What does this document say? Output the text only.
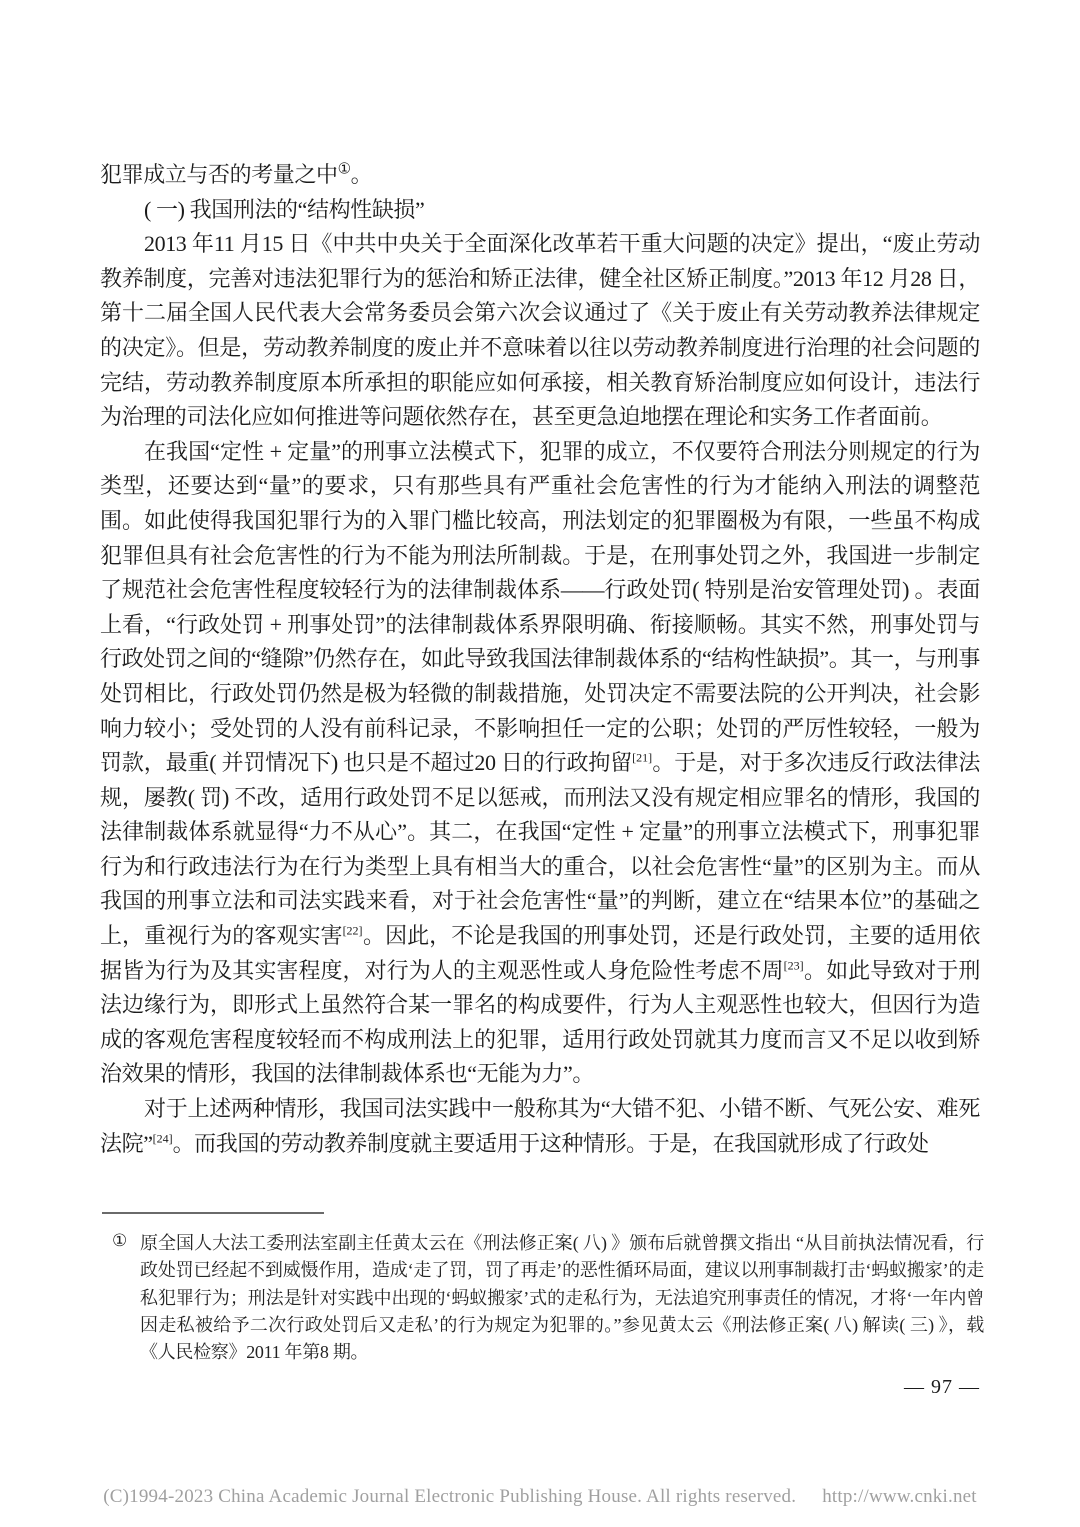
犯罪成立与否的考量之中①。

( 一) 我国刑法的“结构性缺损”

2013 年11 月15 日《中共中央关于全面深化改革若干重大问题的决定》提出，“废止劳动教养制度，完善对违法犯罪行为的惩治和矫正法律，健全社区矫正制度。”2013 年12 月28 日，第十二届全国人民代表大会常务委员会第六次会议通过了《关于废止有关劳动教养法律规定的决定》。但是，劳动教养制度的废止并不意味着以往以劳动教养制度进行治理的社会问题的完结，劳动教养制度原本所承担的职能应如何承接，相关教育矫治制度应如何设计，违法行为治理的司法化应如何推进等问题依然存在，甚至更急迫地摆在理论和实务工作者面前。

在我国“定性 + 定量”的刑事立法模式下，犯罪的成立，不仅要符合刑法分则规定的行为类型，还要达到“量”的要求，只有那些具有严重社会危害性的行为才能纳入刑法的调整范围。如此使得我国犯罪行为的入罪门槛比较高，刑法划定的犯罪圈极为有限，一些虽不构成犯罪但具有社会危害性的行为不能为刑法所制裁。于是，在刑事处罚之外，我国进一步制定了规范社会危害性程度较轻行为的法律制裁体系——行政处罚( 特别是治安管理处罚) 。表面上看，“行政处罚 + 刑事处罚”的法律制裁体系界限明确、衔接顺畅。其实不然，刑事处罚与行政处罚之间的“缝隙”仍然存在，如此导致我国法律制裁体系的“结构性缺损”。其一，与刑事处罚相比，行政处罚仍然是极为轻微的制裁措施，处罚决定不需要法院的公开判决，社会影响力较小；受处罚的人没有前科记录，不影响担任一定的公职；处罚的严厉性较轻，一般为罚款，最重( 并罚情况下) 也只是不超过20 日的行政拘留[21]。于是，对于多次违反行政法律法规，屡教( 罚) 不改，适用行政处罚不足以惩戒，而刑法又没有规定相应罪名的情形，我国的法律制裁体系就显得“力不从心”。其二，在我国“定性 + 定量”的刑事立法模式下，刑事犯罪行为和行政违法行为在行为类型上具有相当大的重合，以社会危害性“量”的区别为主。而从我国的刑事立法和司法实践来看，对于社会危害性“量”的判断，建立在“结果本位”的基础之上，重视行为的客观实害[22]。因此，不论是我国的刑事处罚，还是行政处罚，主要的适用依据皆为行为及其实害程度，对行为人的主观恶性或人身危险性考虑不周[23]。如此导致对于刑法边缘行为，即形式上虽然符合某一罪名的构成要件，行为人主观恶性也较大，但因行为造成的客观危害程度较轻而不构成刑法上的犯罪，适用行政处罚就其力度而言又不足以收到矫治效果的情形，我国的法律制裁体系也“无能为力”。

对于上述两种情形，我国司法实践中一般称其为“大错不犯、小错不断、气死公安、难死法院”[24]。而我国的劳动教养制度就主要适用于这种情形。于是，在我国就形成了行政处

① 原全国人大法工委刑法室副主任黄太云在《刑法修正案( 八) 》颁布后就曾撰文指出 “从目前执法情况看，行政处罚已经起不到威慑作用，造成‘走了罚，罚了再走’的恶性循环局面，建议以刑事制裁打击‘蚂蚁搬家’的走私犯罪行为；刑法是针对实践中出现的‘蚂蚁搬家’式的走私行为，无法追究刑事责任的情况，才将‘一年内曾因走私被给予二次行政处罚后又走私’的行为规定为犯罪的。”参见黄太云《刑法修正案( 八) 解读( 三) 》，载《人民检察》2011 年第8 期。

— 97 —
(C)1994-2023 China Academic Journal Electronic Publishing House. All rights reserved. http://www.cnki.net
